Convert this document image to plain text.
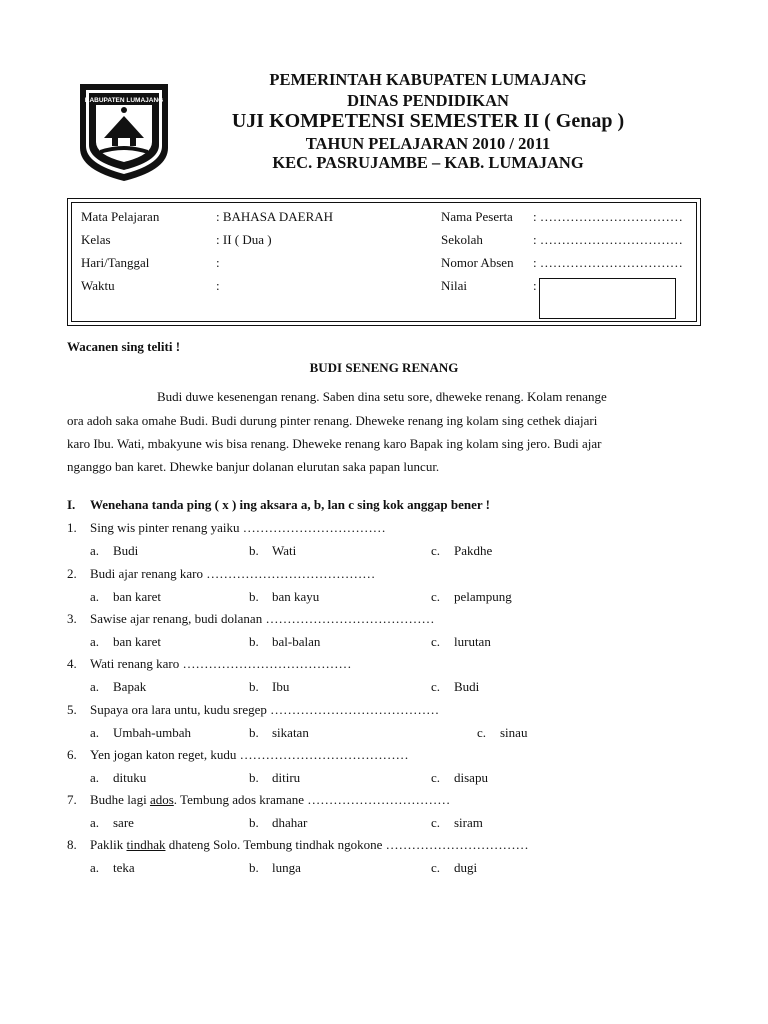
KABUPATEN LUMAJANG
PEMERINTAH KABUPATEN LUMAJANG
DINAS PENDIDIKAN
UJI KOMPETENSI SEMESTER II ( Genap )
TAHUN PELAJARAN 2010 / 2011
KEC. PASRUJAMBE – KAB. LUMAJANG
Mata Pelajaran	: BAHASA DAERAH	Nama Peserta : ……………………………
Kelas	: II ( Dua )	Sekolah	: ……………………………
Hari/Tanggal	:	Nomor Absen : ……………………………
Waktu	:	Nilai	:
Wacanen sing teliti !
BUDI SENENG RENANG
Budi duwe kesenengan renang. Saben dina setu sore, dheweke renang. Kolam renange
ora adoh saka omahe Budi. Budi durung pinter renang. Dheweke renang ing kolam sing cethek diajari
karo Ibu. Wati, mbakyune wis bisa renang. Dheweke renang karo Bapak ing kolam sing jero. Budi ajar
nganggo ban karet. Dhewke banjur dolanan elurutan saka papan luncur.
I. Wenehana tanda ping ( x ) ing aksara a, b, lan c sing kok anggap bener !
1. Sing wis pinter renang yaiku ……………………………
a. Budi	b. Wati	c. Pakdhe
2. Budi ajar renang karo …………………………………
a. ban karet	b. ban kayu	c. pelampung
3. Sawise ajar renang, budi dolanan …………………………………
a. ban karet	b. bal-balan	c. lurutan
4. Wati renang karo …………………………………
a. Bapak	b. Ibu	c. Budi
5. Supaya ora lara untu, kudu sregep …………………………………
a. Umbah-umbah	b. sikatan	c. sinau
6. Yen jogan katon reget, kudu …………………………………
a. dituku	b. ditiru	c. disapu
7. Budhe lagi ados. Tembung ados kramane ……………………………
a. sare	b. dhahar	c. siram
8. Paklik tindhak dhateng Solo. Tembung tindhak ngokone ……………………………
a. teka	b. lunga	c. dugi
